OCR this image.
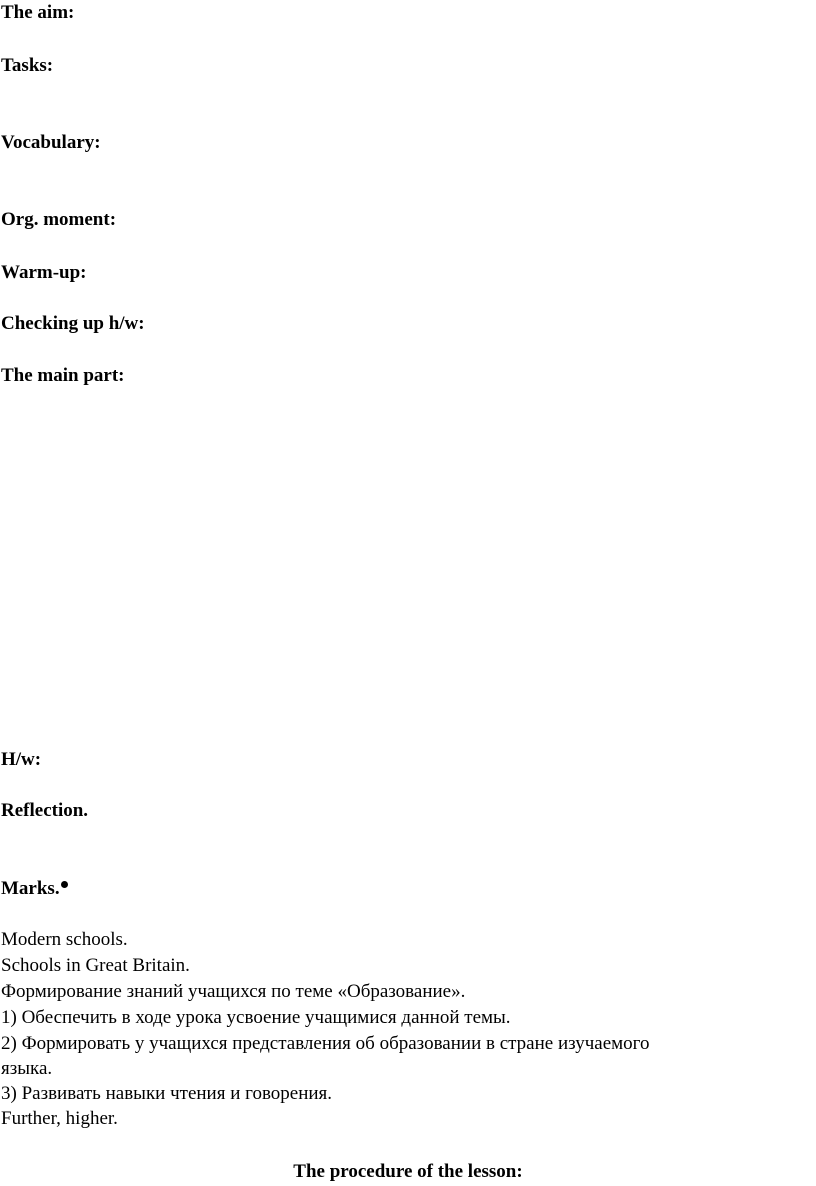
The aim:
Tasks:
Vocabulary:
Org. moment:
Warm-up:
Checking up h/w:
The main part:
H/w:
Reflection.
Marks.
Modern schools.
Schools in Great Britain.
Формирование знаний учащихся по теме «Образование».
1) Обеспечить в ходе урока усвоение учащимися данной темы.
2) Формировать у учащихся представления об образовании в стране изучаемого
языка.
3) Развивать навыки чтения и говорения.
Further, higher.
The procedure of the lesson:
